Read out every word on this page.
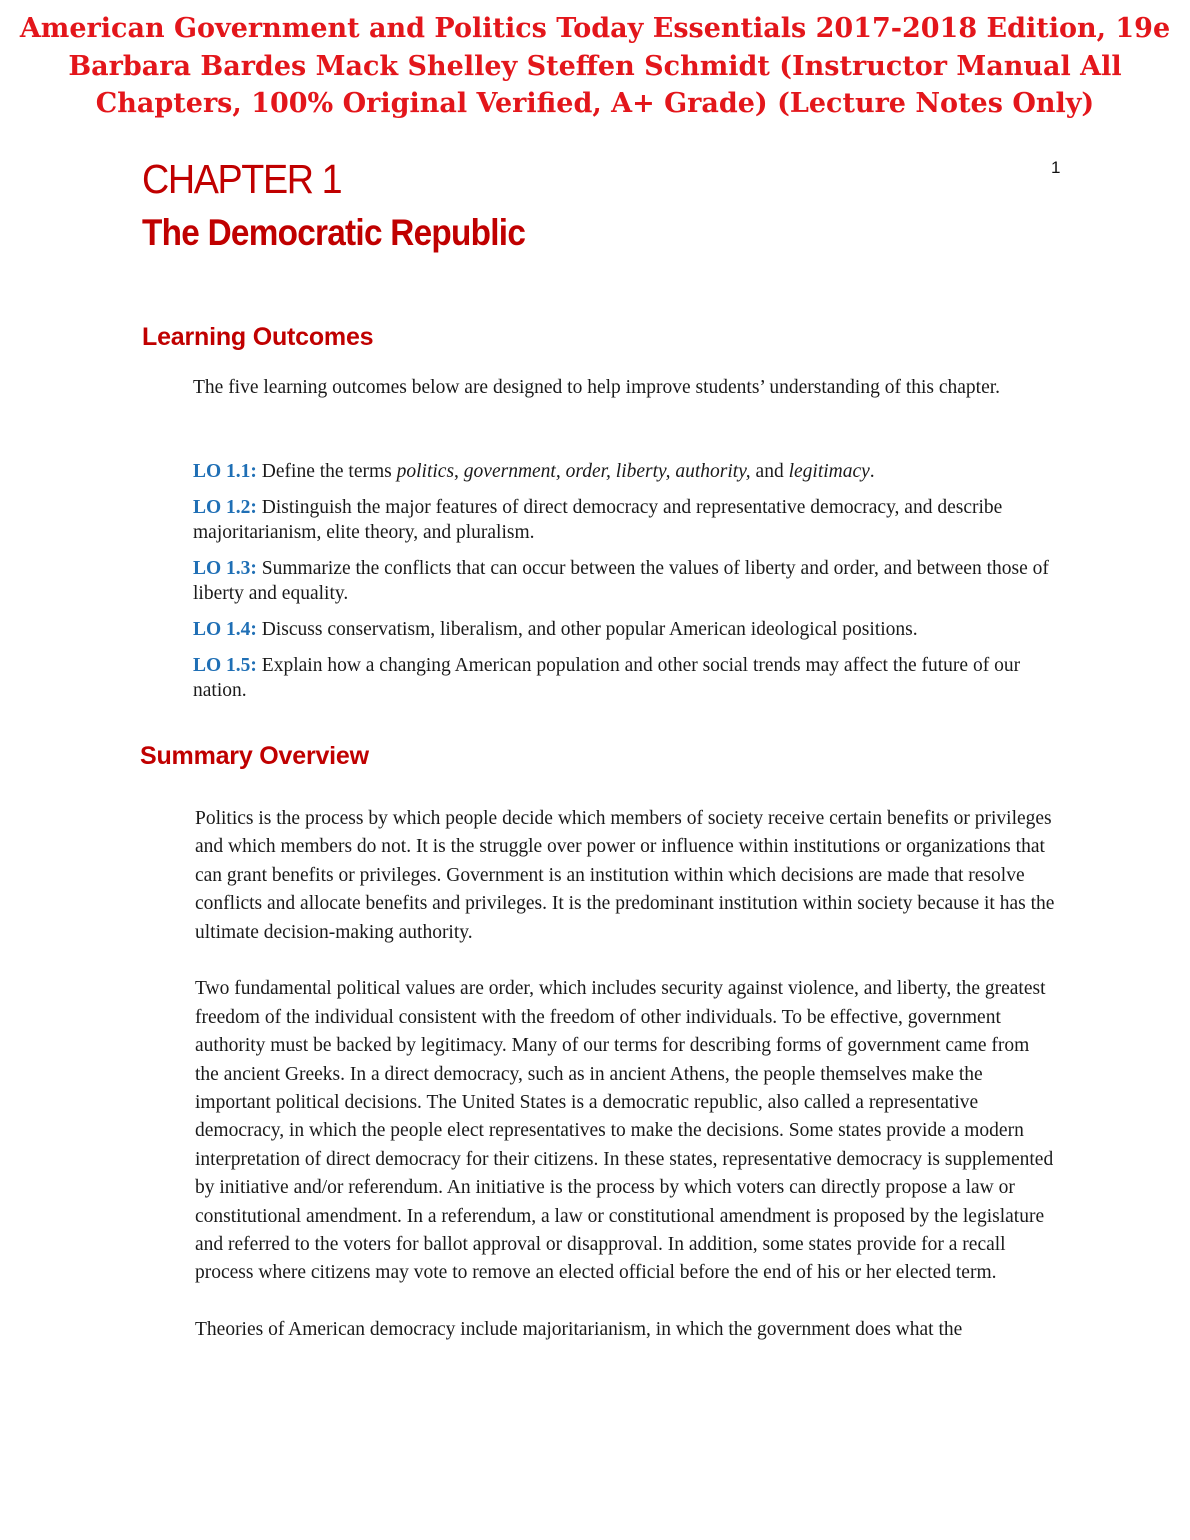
American Government and Politics Today Essentials 2017-2018 Edition, 19e
Barbara Bardes Mack Shelley Steffen Schmidt (Instructor Manual All
Chapters, 100% Original Verified, A+ Grade) (Lecture Notes Only)
1
CHAPTER 1
The Democratic Republic
Learning Outcomes
The five learning outcomes below are designed to help improve students’ understanding of this chapter.
LO 1.1: Define the terms politics, government, order, liberty, authority, and legitimacy.
LO 1.2: Distinguish the major features of direct democracy and representative democracy, and describe majoritarianism, elite theory, and pluralism.
LO 1.3: Summarize the conflicts that can occur between the values of liberty and order, and between those of liberty and equality.
LO 1.4: Discuss conservatism, liberalism, and other popular American ideological positions.
LO 1.5: Explain how a changing American population and other social trends may affect the future of our nation.
Summary Overview

Politics is the process by which people decide which members of society receive certain benefits or privileges and which members do not. It is the struggle over power or influence within institutions or organizations that can grant benefits or privileges. Government is an institution within which decisions are made that resolve conflicts and allocate benefits and privileges. It is the predominant institution within society because it has the ultimate decision-making authority.

Two fundamental political values are order, which includes security against violence, and liberty, the greatest freedom of the individual consistent with the freedom of other individuals. To be effective, government authority must be backed by legitimacy. Many of our terms for describing forms of government came from the ancient Greeks. In a direct democracy, such as in ancient Athens, the people themselves make the important political decisions. The United States is a democratic republic, also called a representative democracy, in which the people elect representatives to make the decisions. Some states provide a modern interpretation of direct democracy for their citizens. In these states, representative democracy is supplemented by initiative and/or referendum. An initiative is the process by which voters can directly propose a law or constitutional amendment. In a referendum, a law or constitutional amendment is proposed by the legislature and referred to the voters for ballot approval or disapproval. In addition, some states provide for a recall process where citizens may vote to remove an elected official before the end of his or her elected term.

Theories of American democracy include majoritarianism, in which the government does what the
